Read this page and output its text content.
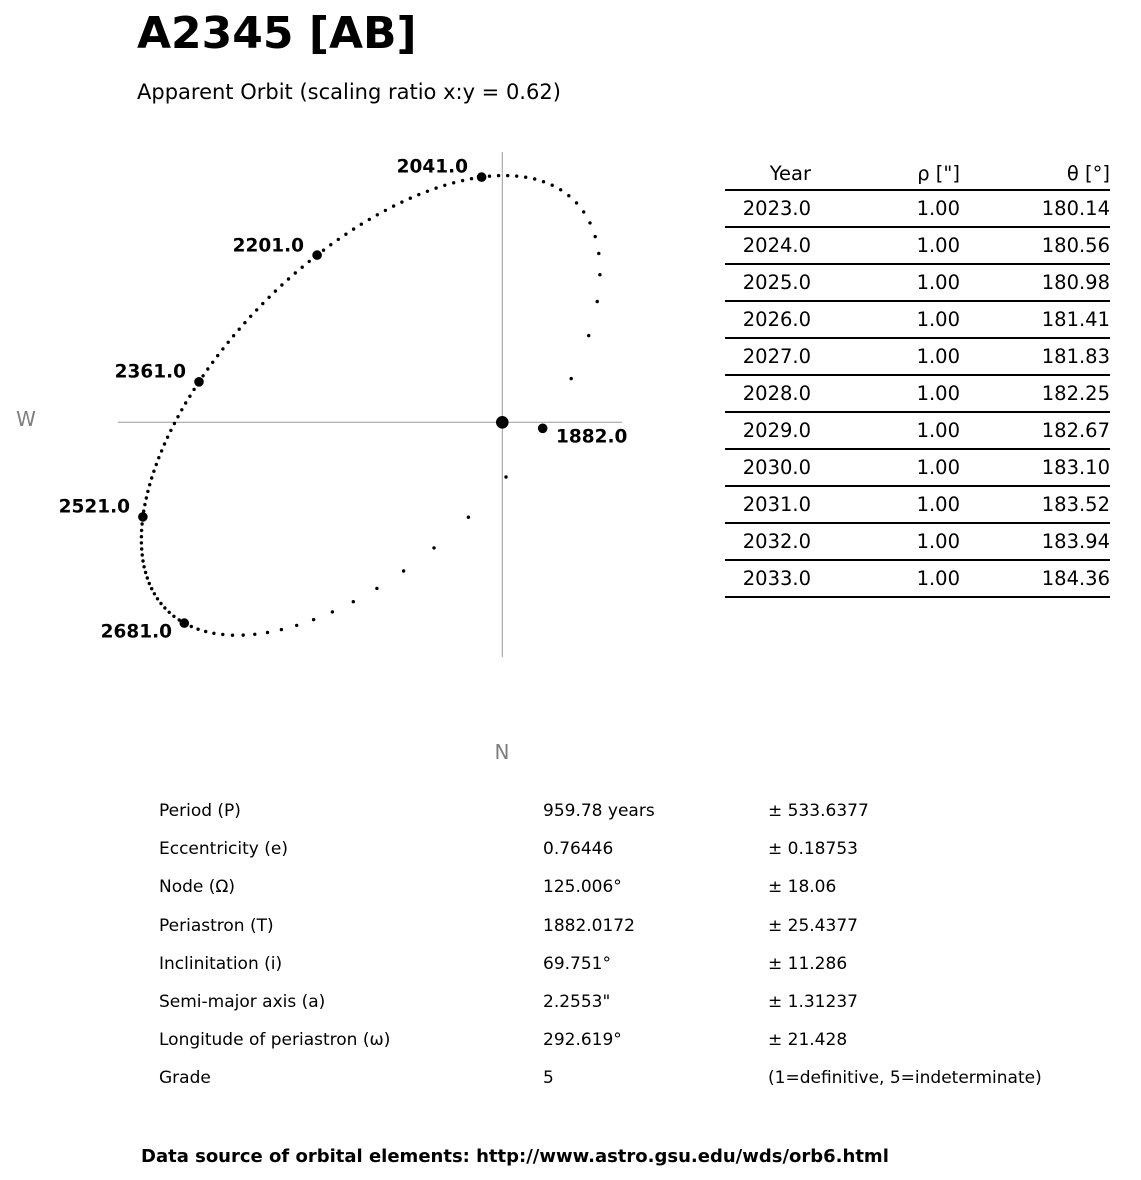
A2345 [AB]
Apparent Orbit (scaling ratio x:y = 0.62)
W
N
1882.0
2041.0
2201.0
2361.0
2521.0
2681.0
Year	ρ ["]	θ [°]
2023.0	1.00	180.14
2024.0	1.00	180.56
2025.0	1.00	180.98
2026.0	1.00	181.41
2027.0	1.00	181.83
2028.0	1.00	182.25
2029.0	1.00	182.67
2030.0	1.00	183.10
2031.0	1.00	183.52
2032.0	1.00	183.94
2033.0	1.00	184.36
Period (P)	959.78 years	± 533.6377
Eccentricity (e)	0.76446	± 0.18753
Node (Ω)	125.006°	± 18.06
Periastron (T)	1882.0172	± 25.4377
Inclinitation (i)	69.751°	± 11.286
Semi-major axis (a)	2.2553"	± 1.31237
Longitude of periastron (ω)	292.619°	± 21.428
Grade	5	(1=definitive, 5=indeterminate)
Data source of orbital elements: http://www.astro.gsu.edu/wds/orb6.html
